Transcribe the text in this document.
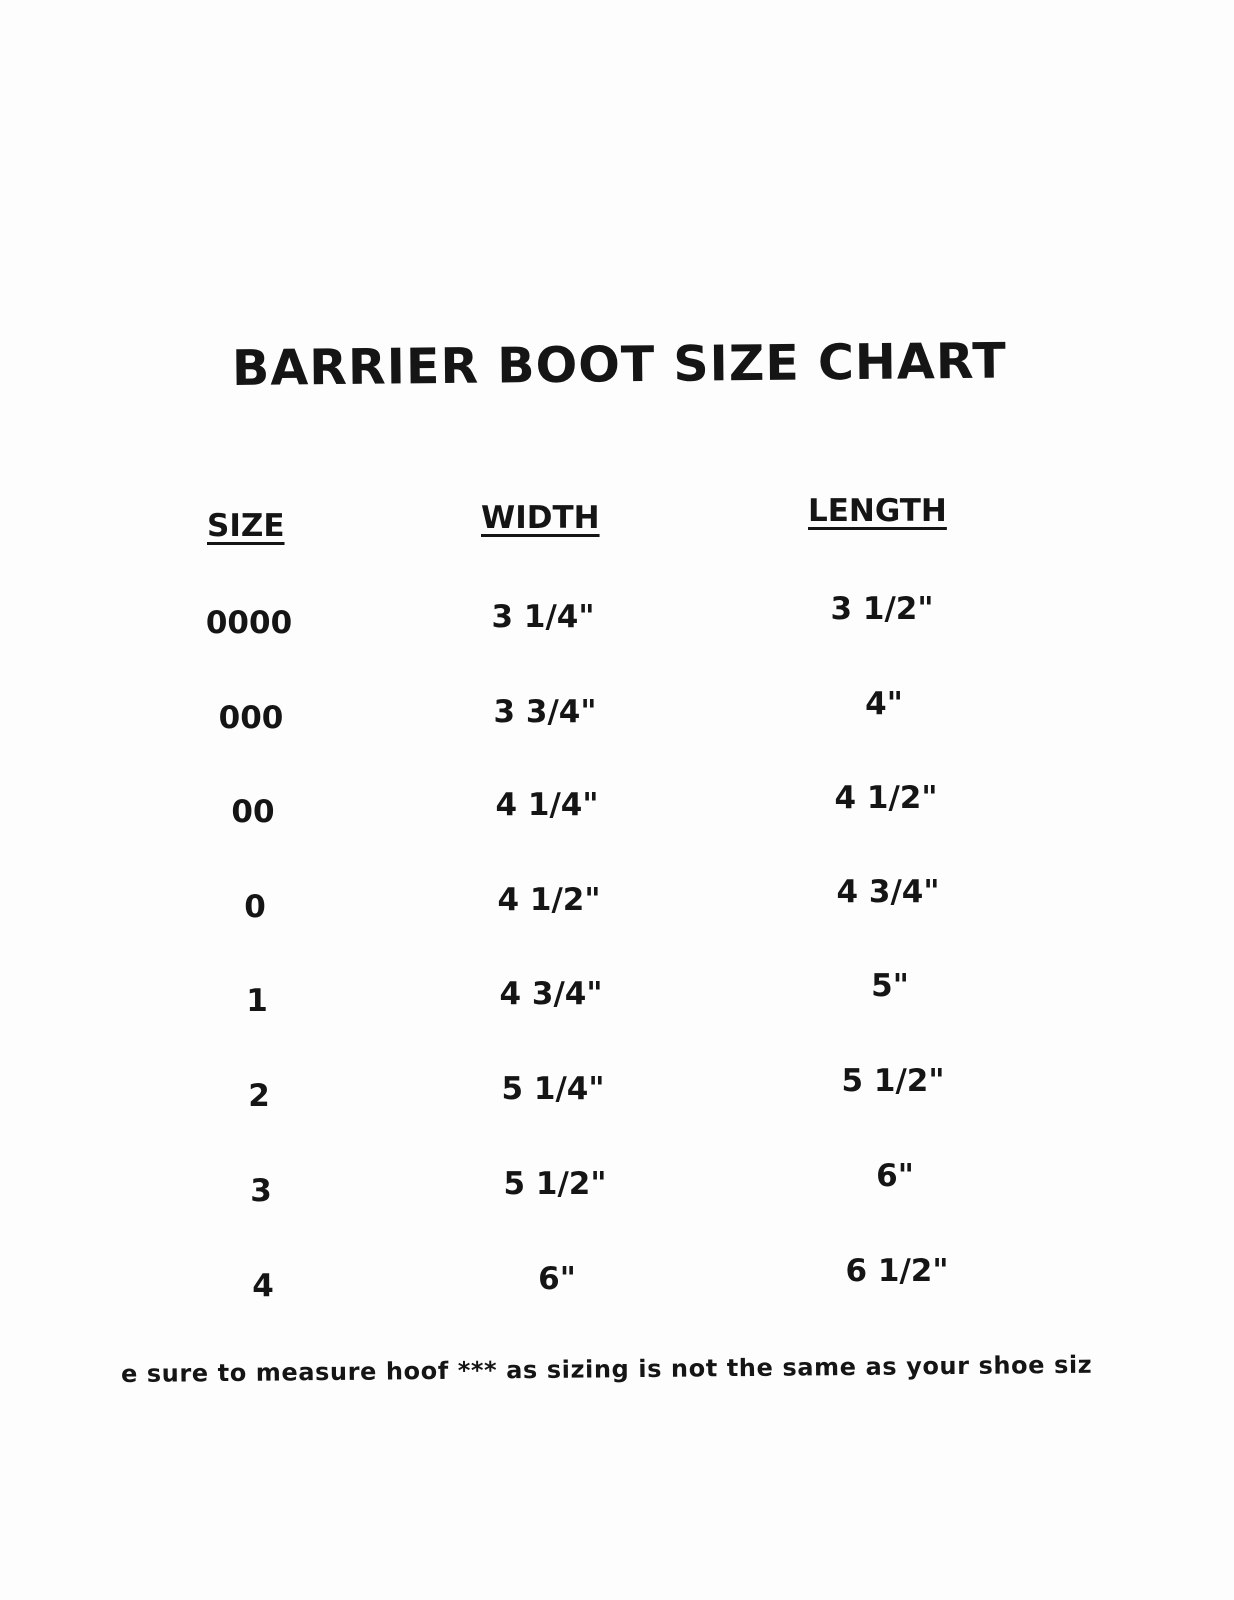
BARRIER BOOT SIZE CHART
SIZE	WIDTH	LENGTH
0000	3 1/4"	3 1/2"
000	3 3/4"	4"
00	4 1/4"	4 1/2"
0	4 1/2"	4 3/4"
1	4 3/4"	5"
2	5 1/4"	5 1/2"
3	5 1/2"	6"
4	6"	6 1/2"
e sure to measure hoof *** as sizing is not the same as your shoe siz
